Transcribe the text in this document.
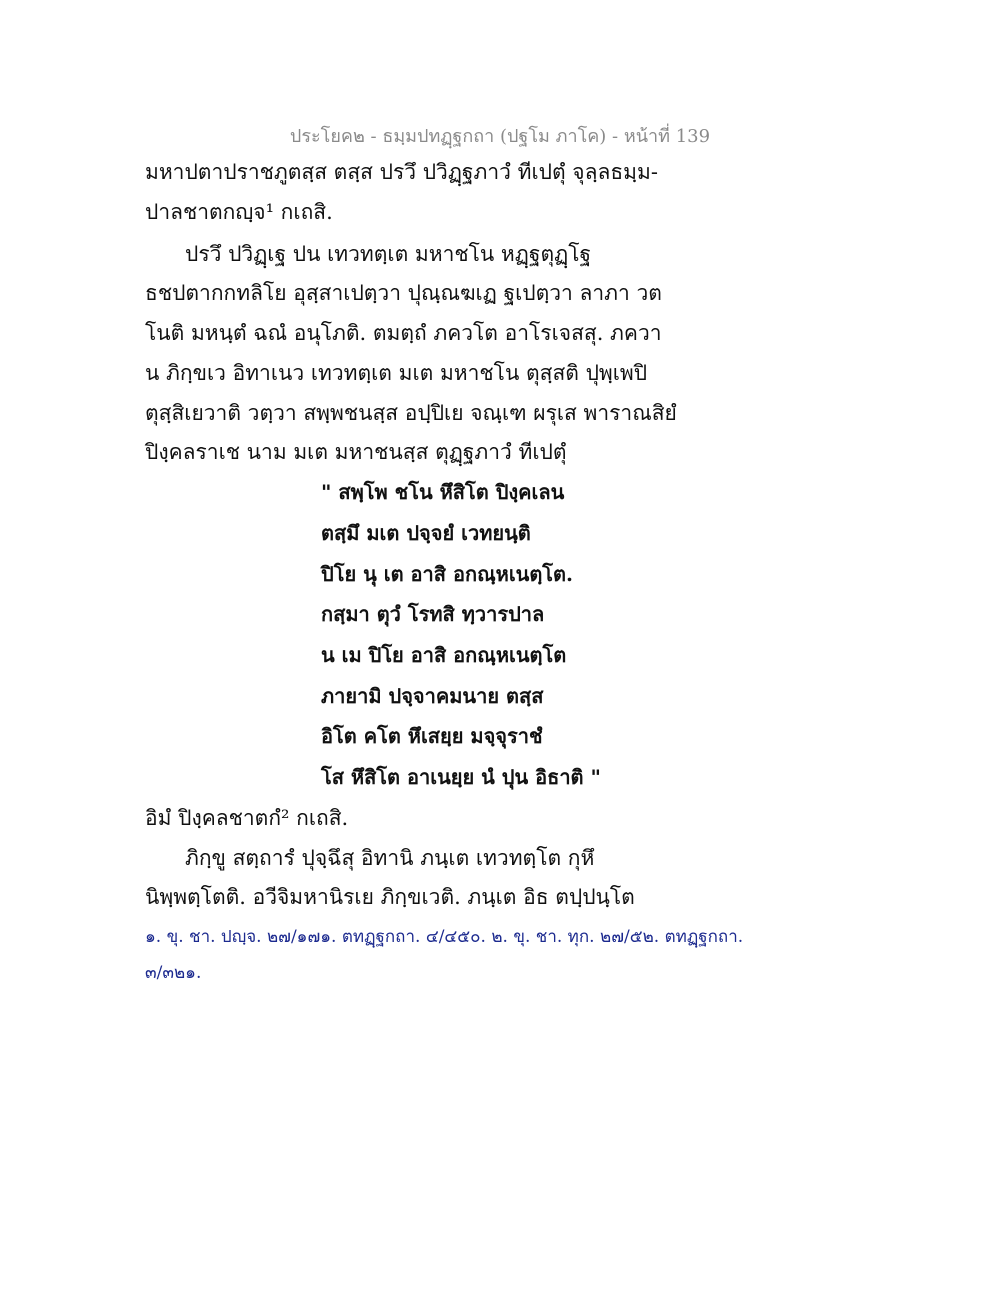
ประโยค๒ - ธมฺมปทฏฺฐกถา (ปฐโม ภาโค) - หน้าที่ 139
มหาปตาปราชภูตสฺส ตสฺส ปรวึ ปวิฏฺฐภาวํ ทีเปตุํ จุลฺลธมฺม-
ปาลชาตกญฺจ¹ กเถสิ.
ปรวึ ปวิฏฺเฐ ปน เทวทตฺเต มหาชโน หฏฺฐตุฏฺโฐ
ธชปตากกทลิโย อุสฺสาเปตฺวา ปุณฺณฆเฏ ฐเปตฺวา ลาภา วต
โนติ มหนฺตํ ฉณํ อนุโภติ. ตมตฺถํ ภควโต อาโรเจสสุ. ภควา
น ภิกฺขเว อิทาเนว เทวทตฺเต มเต มหาชโน ตุสฺสติ ปุพฺเพปิ
ตุสฺสิเยวาติ วตฺวา สพฺพชนสฺส อปฺปิเย จณฺเฑ ผรุเส พาราณสิยํ
ปิงฺคลราเช นาม มเต มหาชนสฺส ตุฏฺฐภาวํ ทีเปตุํ
" สพฺโพ ชโน หึสิโต ปิงฺคเลน
ตสฺมึ มเต ปจฺจยํ เวทยนฺติ
ปิโย นุ เต อาสิ อกณฺหเนตฺโต.
กสฺมา ตุวํ โรทสิ ทฺวารปาล
น เม ปิโย อาสิ อกณฺหเนตฺโต
ภายามิ ปจฺจาคมนาย ตสฺส
อิโต คโต หึเสยฺย มจฺจุราชํ
โส หึสิโต อาเนยฺย นํ ปุน อิธาติ "
อิมํ ปิงฺคลชาตกํ² กเถสิ.
ภิกฺขู สตฺถารํ ปุจฺฉึสุ อิทานิ ภนฺเต เทวทตฺโต กุหึ
นิพฺพตฺโตติ. อวีจิมหานิรเย ภิกฺขเวติ. ภนฺเต อิธ ตปฺปนฺโต
๑. ขุ. ชา. ปญฺจ. ๒๗/๑๗๑. ตทฏฺฐกถา. ๔/๔๕๐. ๒. ขุ. ชา. ทุก. ๒๗/๕๒. ตทฏฺฐกถา.
๓/๓๒๑.
